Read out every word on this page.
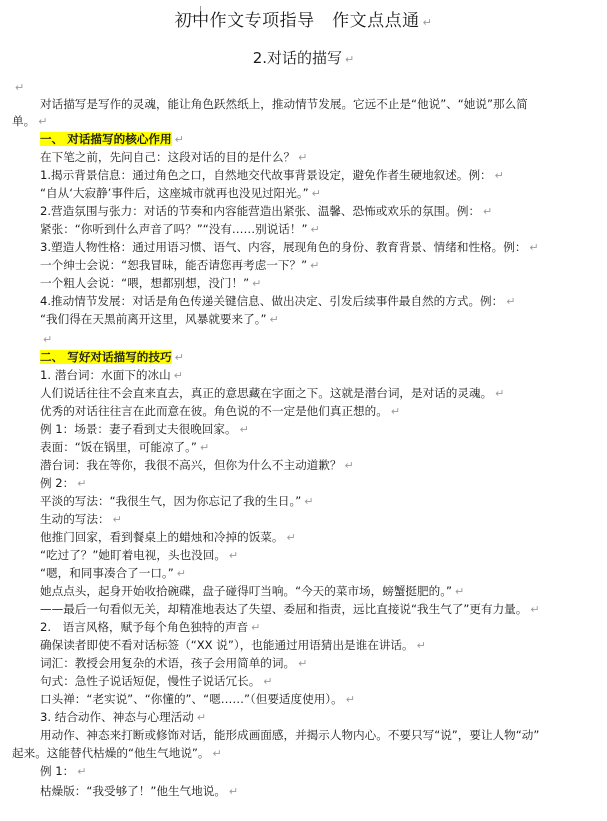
初中作文专项指导　作文点点通 ↵
2.对话的描写 ↵
↵
对话描写是写作的灵魂，能让角色跃然纸上，推动情节发展。它远不止是“他说”、“她说”那么简
单。 ↵
一、 对话描写的核心作用 ↵
在下笔之前，先问自己：这段对话的目的是什么？ ↵
1.揭示背景信息：通过角色之口，自然地交代故事背景设定，避免作者生硬地叙述。例： ↵
“自从‘大寂静’事件后，这座城市就再也没见过阳光。” ↵
2.营造氛围与张力：对话的节奏和内容能营造出紧张、温馨、恐怖或欢乐的氛围。例： ↵
紧张：“你听到什么声音了吗？”“没有……别说话！” ↵
3.塑造人物性格：通过用语习惯、语气、内容，展现角色的身份、教育背景、情绪和性格。例： ↵
一个绅士会说：“恕我冒昧，能否请您再考虑一下？” ↵
一个粗人会说：“喂，想都别想，没门！” ↵
4.推动情节发展：对话是角色传递关键信息、做出决定、引发后续事件最自然的方式。例： ↵
“我们得在天黑前离开这里，风暴就要来了。” ↵
↵
二、 写好对话描写的技巧 ↵
1. 潜台词：水面下的冰山 ↵
人们说话往往不会直来直去，真正的意思藏在字面之下。这就是潜台词，是对话的灵魂。 ↵
优秀的对话往往言在此而意在彼。角色说的不一定是他们真正想的。 ↵
例 1：场景：妻子看到丈夫很晚回家。 ↵
表面：“饭在锅里，可能凉了。” ↵
潜台词：我在等你，我很不高兴，但你为什么不主动道歉？ ↵
例 2： ↵
平淡的写法：“我很生气，因为你忘记了我的生日。” ↵
生动的写法： ↵
他推门回家，看到餐桌上的蜡烛和冷掉的饭菜。 ↵
“吃过了？”她盯着电视，头也没回。 ↵
“嗯，和同事凑合了一口。” ↵
她点点头，起身开始收拾碗碟，盘子碰得叮当响。“今天的菜市场，螃蟹挺肥的。” ↵
——最后一句看似无关，却精准地表达了失望、委屈和指责，远比直接说“我生气了”更有力量。 ↵
2.　语言风格，赋予每个角色独特的声音 ↵
确保读者即使不看对话标签（“XX 说”），也能通过用语猜出是谁在讲话。 ↵
词汇：教授会用复杂的术语，孩子会用简单的词。 ↵
句式：急性子说话短促，慢性子说话冗长。 ↵
口头禅：“老实说”、“你懂的”、“嗯……”（但要适度使用）。 ↵
3. 结合动作、神态与心理活动 ↵
用动作、神态来打断或修饰对话，能形成画面感，并揭示人物内心。不要只写“说”，要让人物“动”
起来。这能替代枯燥的“他生气地说”。 ↵
例 1： ↵
枯燥版：“我受够了！”他生气地说。 ↵
